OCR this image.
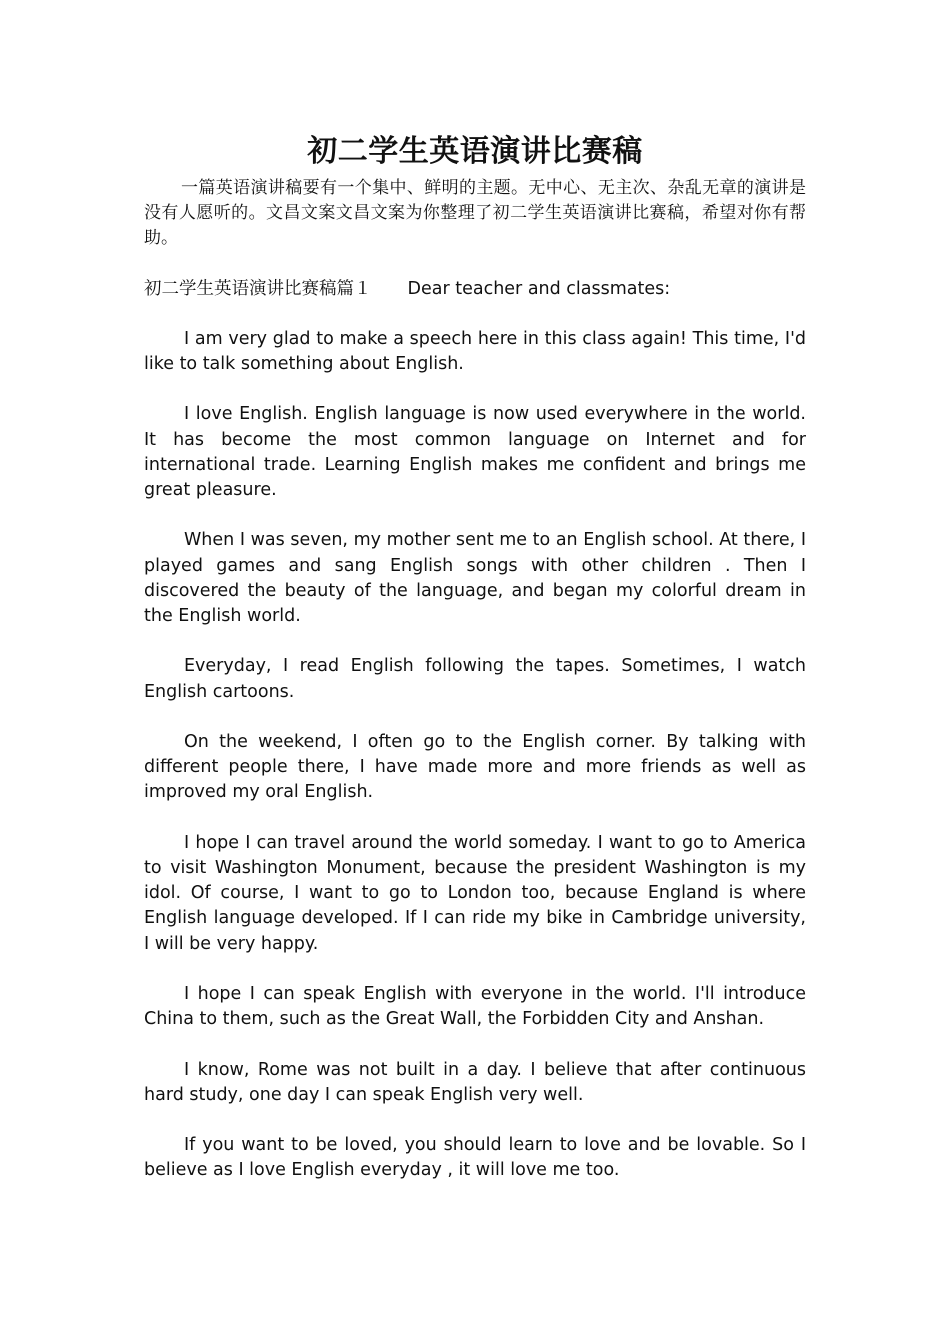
初二学生英语演讲比赛稿

一篇英语演讲稿要有一个集中、鲜明的主题。无中心、无主次、杂乱无章的演讲是没有人愿听的。文昌文案文昌文案为你整理了初二学生英语演讲比赛稿，希望对你有帮助。

初二学生英语演讲比赛稿篇１ Dear teacher and classmates:

I am very glad to make a speech here in this class again! This time, I'd like to talk something about English.

I love English. English language is now used everywhere in the world. It has become the most common language on Internet and for international trade. Learning English makes me confident and brings me great pleasure.

When I was seven, my mother sent me to an English school. At there, I played games and sang English songs with other children . Then I discovered the beauty of the language, and began my colorful dream in the English world.

Everyday, I read English following the tapes. Sometimes, I watch English cartoons.

On the weekend, I often go to the English corner. By talking with different people there, I have made more and more friends as well as improved my oral English.

I hope I can travel around the world someday. I want to go to America to visit Washington Monument, because the president Washington is my idol. Of course, I want to go to London too, because England is where English language developed. If I can ride my bike in Cambridge university, I will be very happy.

I hope I can speak English with everyone in the world. I'll introduce China to them, such as the Great Wall, the Forbidden City and Anshan.

I know, Rome was not built in a day. I believe that after continuous hard study, one day I can speak English very well.

If you want to be loved, you should learn to love and be lovable. So I believe as I love English everyday , it will love me too.
